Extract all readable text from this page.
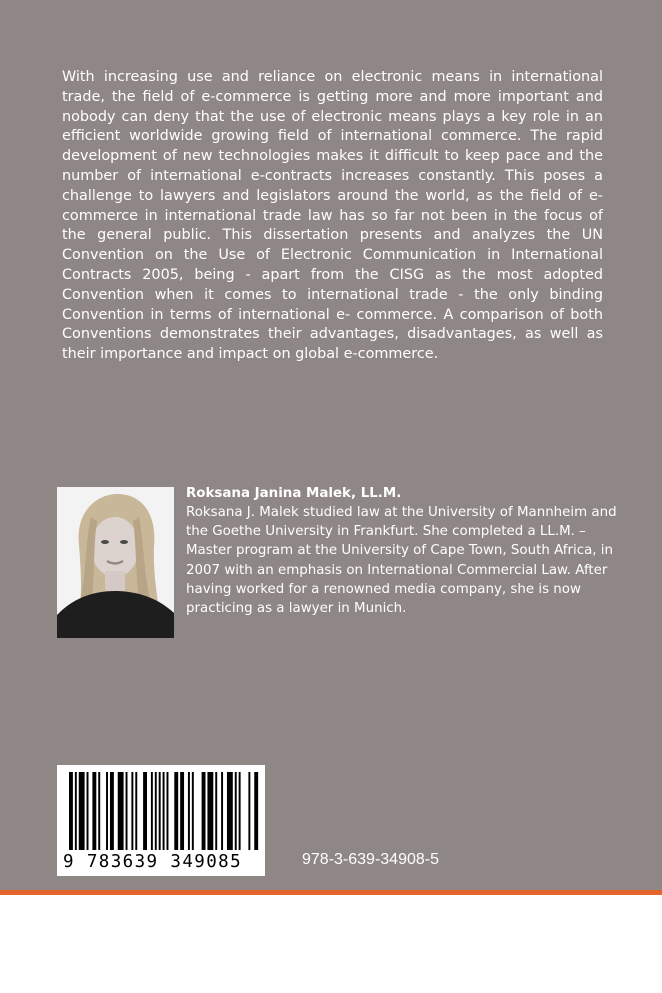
With increasing use and reliance on electronic means in international trade, the field of e-commerce is getting more and more important and nobody can deny that the use of electronic means plays a key role in an efficient worldwide growing field of international commerce. The rapid development of new technologies makes it difficult to keep pace and the number of international e-contracts increases constantly. This poses a challenge to lawyers and legislators around the world, as the field of e-commerce in international trade law has so far not been in the focus of the general public. This dissertation presents and analyzes the UN Convention on the Use of Electronic Communication in International Contracts 2005, being - apart from the CISG as the most adopted Convention when it comes to international trade - the only binding Convention in terms of international e- commerce. A comparison of both Conventions demonstrates their advantages, disadvantages, as well as their importance and impact on global e-commerce.

Roksana Janina Malek, LL.M.

Roksana J. Malek studied law at the University of Mannheim and the Goethe University in Frankfurt. She completed a LL.M. – Master program at the University of Cape Town, South Africa, in 2007 with an emphasis on International Commercial Law. After having worked for a renowned media company, she is now practicing as a lawyer in Munich.

9 783639 349085	978-3-639-34908-5
